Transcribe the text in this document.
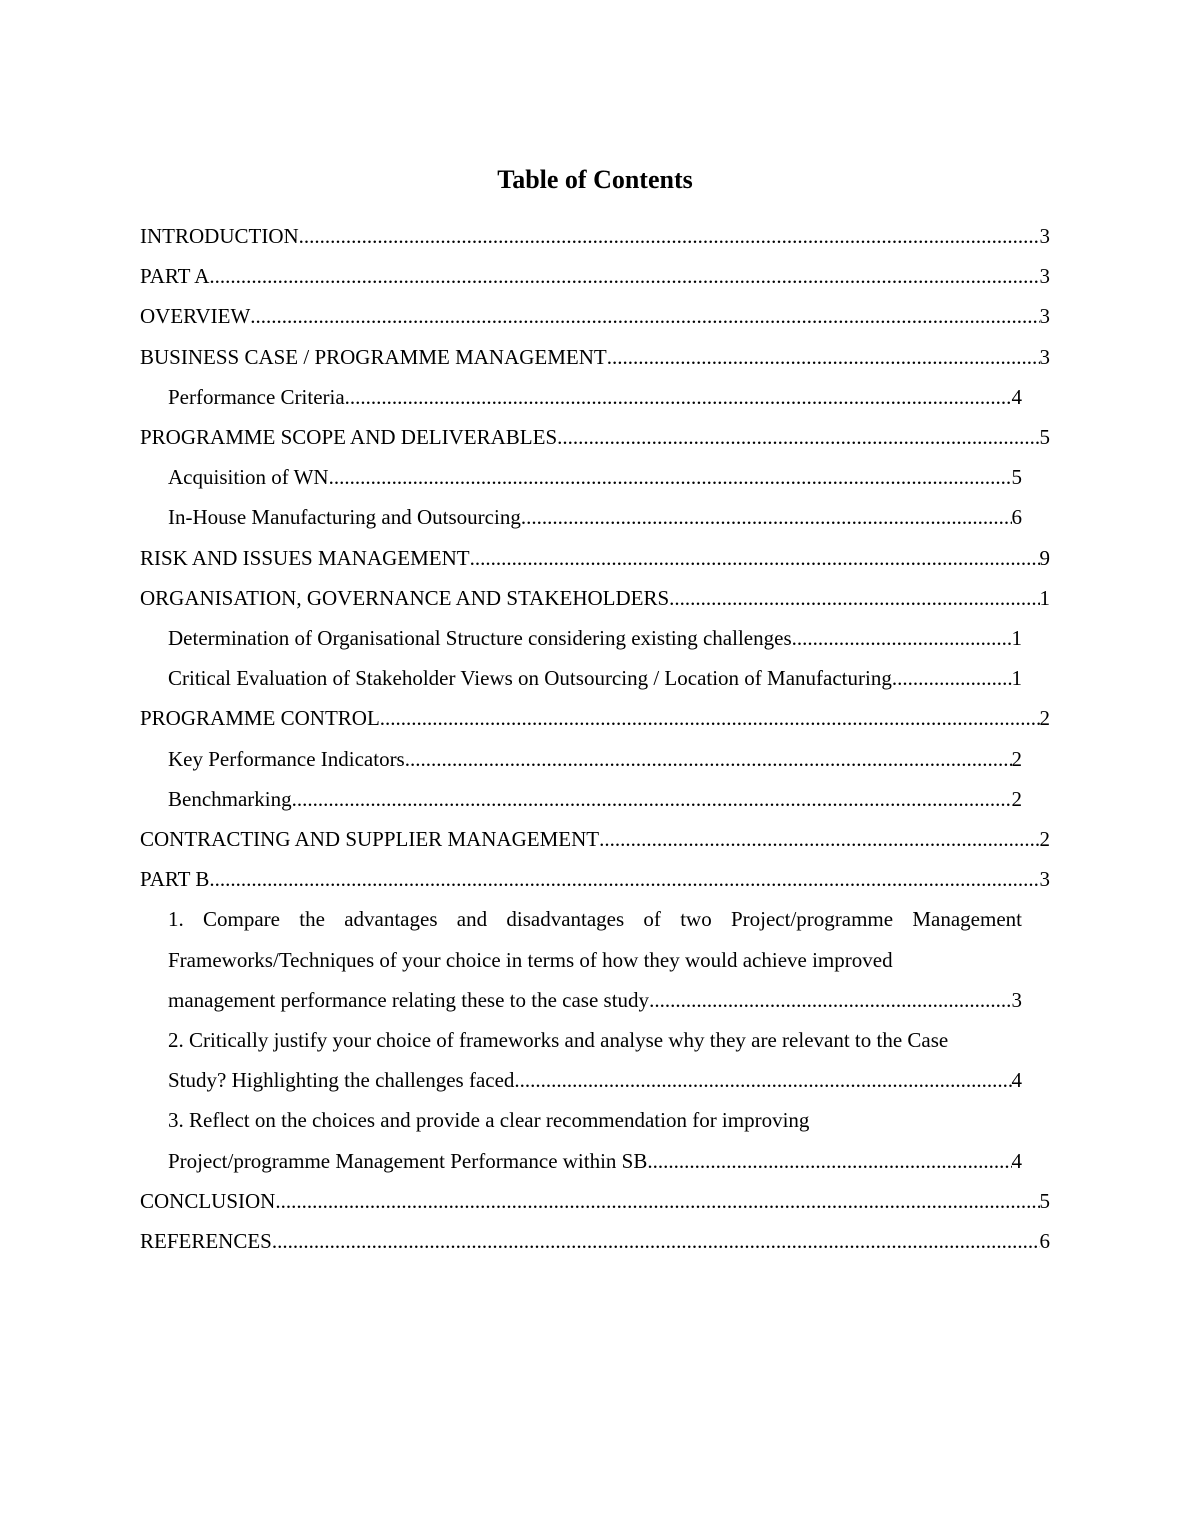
Table of Contents
INTRODUCTION .....	3
PART A .....	3
OVERVIEW .....	3
BUSINESS CASE / PROGRAMME MANAGEMENT .....	3
Performance Criteria .....	4
PROGRAMME SCOPE AND DELIVERABLES .....	5
Acquisition of WN .....	5
In-House Manufacturing and Outsourcing .....	6
RISK AND ISSUES MANAGEMENT .....	9
ORGANISATION, GOVERNANCE AND STAKEHOLDERS .....	1
Determination of Organisational Structure considering existing challenges .....	1
Critical Evaluation of Stakeholder Views on Outsourcing / Location of Manufacturing .....	1
PROGRAMME CONTROL .....	2
Key Performance Indicators .....	2
Benchmarking .....	2
CONTRACTING AND SUPPLIER MANAGEMENT .....	2
PART B .....	3
1. Compare the advantages and disadvantages of two Project/programme Management Frameworks/Techniques of your choice in terms of how they would achieve improved
management performance relating these to the case study .....	3
2. Critically justify your choice of frameworks and analyse why they are relevant to the Case
Study? Highlighting the challenges faced .....	4
3. Reflect on the choices and provide a clear recommendation for improving
Project/programme Management Performance within SB .....	4
CONCLUSION .....	5
REFERENCES .....	6
